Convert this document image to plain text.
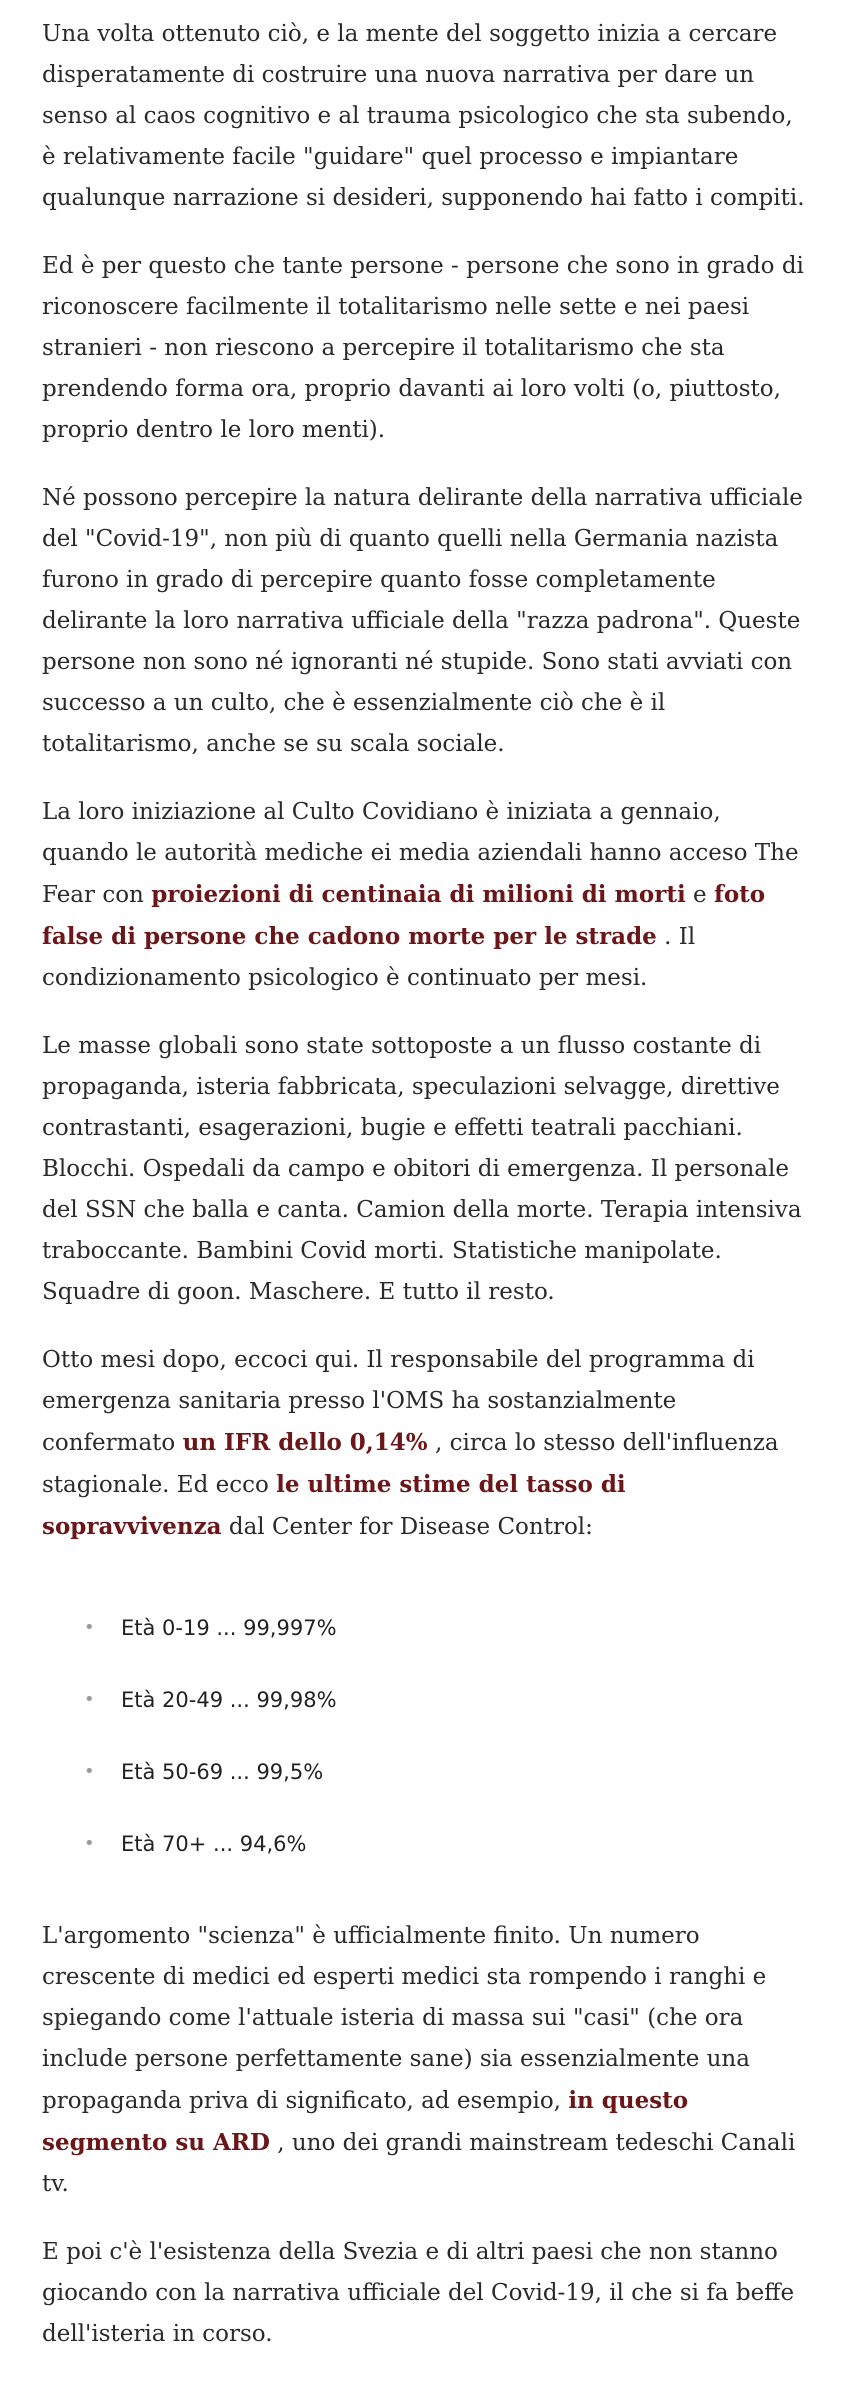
Una volta ottenuto ciò, e la mente del soggetto inizia a cercare disperatamente di costruire una nuova narrativa per dare un senso al caos cognitivo e al trauma psicologico che sta subendo, è relativamente facile "guidare" quel processo e impiantare qualunque narrazione si desideri, supponendo hai fatto i compiti.

Ed è per questo che tante persone - persone che sono in grado di riconoscere facilmente il totalitarismo nelle sette e nei paesi stranieri - non riescono a percepire il totalitarismo che sta prendendo forma ora, proprio davanti ai loro volti (o, piuttosto, proprio dentro le loro menti).

Né possono percepire la natura delirante della narrativa ufficiale del "Covid-19", non più di quanto quelli nella Germania nazista furono in grado di percepire quanto fosse completamente delirante la loro narrativa ufficiale della "razza padrona". Queste persone non sono né ignoranti né stupide. Sono stati avviati con successo a un culto, che è essenzialmente ciò che è il totalitarismo, anche se su scala sociale.

La loro iniziazione al Culto Covidiano è iniziata a gennaio, quando le autorità mediche ei media aziendali hanno acceso The Fear con proiezioni di centinaia di milioni di morti e foto false di persone che cadono morte per le strade . Il condizionamento psicologico è continuato per mesi.

Le masse globali sono state sottoposte a un flusso costante di propaganda, isteria fabbricata, speculazioni selvagge, direttive contrastanti, esagerazioni, bugie e effetti teatrali pacchiani. Blocchi. Ospedali da campo e obitori di emergenza. Il personale del SSN che balla e canta. Camion della morte. Terapia intensiva traboccante. Bambini Covid morti. Statistiche manipolate. Squadre di goon. Maschere. E tutto il resto.

Otto mesi dopo, eccoci qui. Il responsabile del programma di emergenza sanitaria presso l'OMS ha sostanzialmente confermato un IFR dello 0,14% , circa lo stesso dell'influenza stagionale. Ed ecco le ultime stime del tasso di sopravvivenza dal Center for Disease Control:

• Età 0-19 ... 99,997%
• Età 20-49 ... 99,98%
• Età 50-69 ... 99,5%
• Età 70+ ... 94,6%

L'argomento "scienza" è ufficialmente finito. Un numero crescente di medici ed esperti medici sta rompendo i ranghi e spiegando come l'attuale isteria di massa sui "casi" (che ora include persone perfettamente sane) sia essenzialmente una propaganda priva di significato, ad esempio, in questo segmento su ARD , uno dei grandi mainstream tedeschi Canali tv.

E poi c'è l'esistenza della Svezia e di altri paesi che non stanno giocando con la narrativa ufficiale del Covid-19, il che si fa beffe dell'isteria in corso.
